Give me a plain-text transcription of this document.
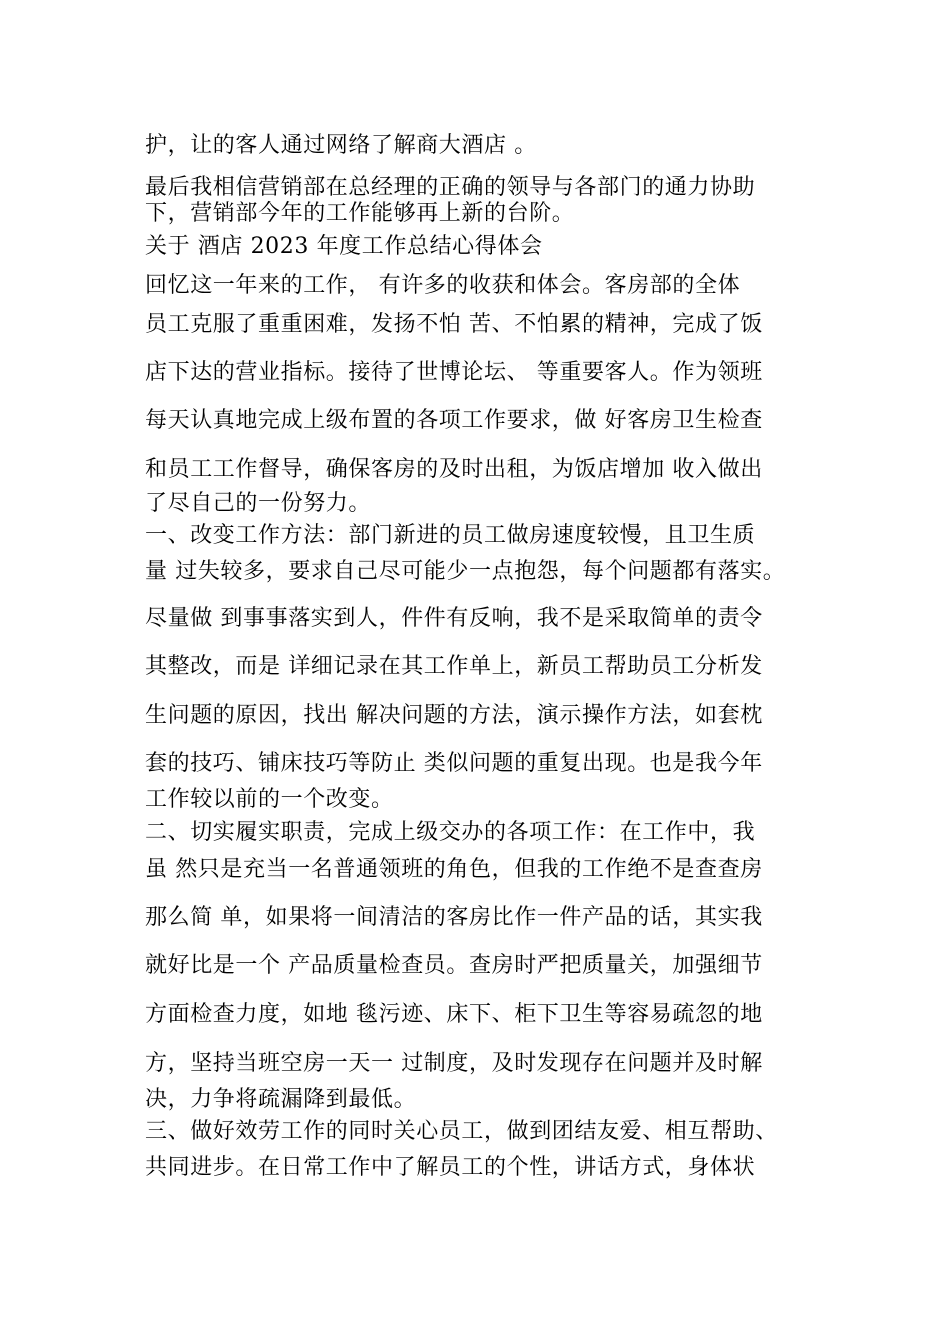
护，让的客人通过网络了解商大酒店 。
最后我相信营销部在总经理的正确的领导与各部门的通力协助
下，营销部今年的工作能够再上新的台阶。
关于 酒店 2023 年度工作总结心得体会
回忆这一年来的工作， 有许多的收获和体会。客房部的全体
员工克服了重重困难，发扬不怕 苦、不怕累的精神，完成了饭
店下达的营业指标。接待了世博论坛、 等重要客人。作为领班
每天认真地完成上级布置的各项工作要求，做 好客房卫生检查
和员工工作督导，确保客房的及时出租，为饭店增加 收入做出
了尽自己的一份努力。
一、改变工作方法：部门新进的员工做房速度较慢，且卫生质
量 过失较多，要求自己尽可能少一点抱怨，每个问题都有落实。
尽量做 到事事落实到人，件件有反响，我不是采取简单的责令
其整改，而是 详细记录在其工作单上，新员工帮助员工分析发
生问题的原因，找出 解决问题的方法，演示操作方法，如套枕
套的技巧、铺床技巧等防止 类似问题的重复出现。也是我今年
工作较以前的一个改变。
二、切实履实职责，完成上级交办的各项工作：在工作中，我
虽 然只是充当一名普通领班的角色，但我的工作绝不是查查房
那么简 单，如果将一间清洁的客房比作一件产品的话，其实我
就好比是一个 产品质量检查员。查房时严把质量关，加强细节
方面检查力度，如地 毯污迹、床下、柜下卫生等容易疏忽的地
方，坚持当班空房一天一 过制度，及时发现存在问题并及时解
决，力争将疏漏降到最低。
三、做好效劳工作的同时关心员工，做到团结友爱、相互帮助、
共同进步。在日常工作中了解员工的个性，讲话方式，身体状
